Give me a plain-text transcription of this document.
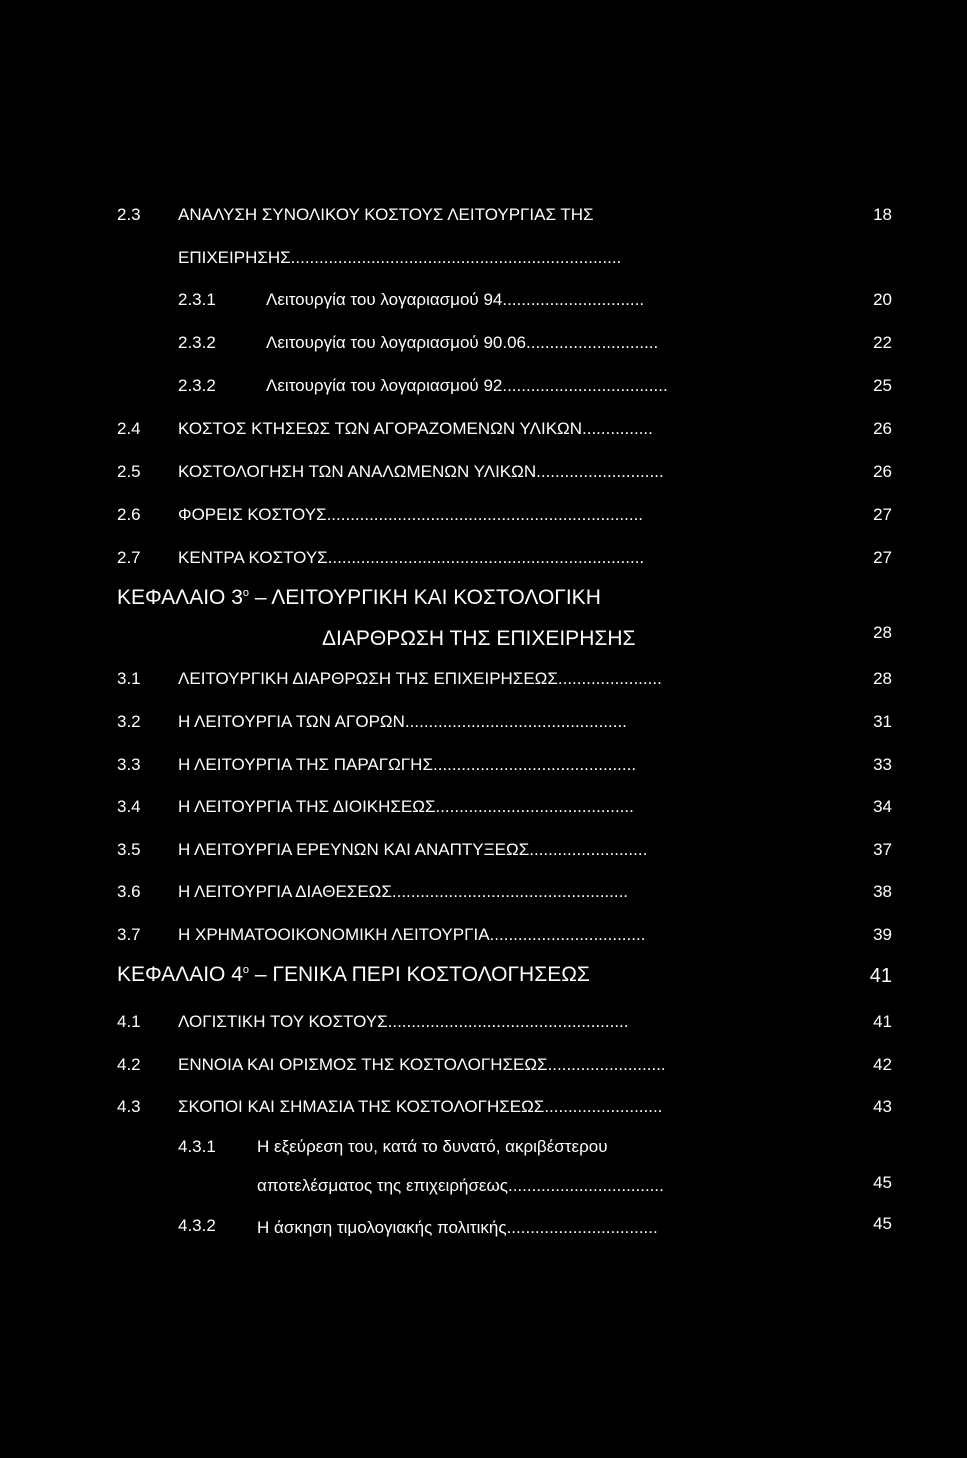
2.3 ΑΝΑΛΥΣΗ ΣΥΝΟΛΙΚΟΥ ΚΟΣΤΟΥΣ ΛΕΙΤΟΥΡΓΙΑΣ ΤΗΣ	18
ΕΠΙΧΕΙΡΗΣΗΣ......................................................................
2.3.1	Λειτουργία του λογαριασμού 94..............................	20
2.3.2	Λειτουργία του λογαριασμού 90.06............................	22
2.3.2	Λειτουργία του λογαριασμού 92...................................	25
2.4 ΚΟΣΤΟΣ ΚΤΗΣΕΩΣ ΤΩΝ ΑΓΟΡΑΖΟΜΕΝΩΝ ΥΛΙΚΩΝ...............	26
2.5 ΚΟΣΤΟΛΟΓΗΣΗ ΤΩΝ ΑΝΑΛΩΜΕΝΩΝ ΥΛΙΚΩΝ...........................	26
2.6 ΦΟΡΕΙΣ ΚΟΣΤΟΥΣ...................................................................	27
2.7 ΚΕΝΤΡΑ ΚΟΣΤΟΥΣ...................................................................	27
ΚΕΦΑΛΑΙΟ $3^o$ – ΛΕΙΤΟΥΡΓΙΚΗ ΚΑΙ ΚΟΣΤΟΛΟΓΙΚΗ
ΔΙΑΡΘΡΩΣΗ ΤΗΣ ΕΠΙΧΕΙΡΗΣΗΣ	28
3.1 ΛΕΙΤΟΥΡΓΙΚΗ ΔΙΑΡΘΡΩΣΗ ΤΗΣ ΕΠΙΧΕΙΡΗΣΕΩΣ......................	28
3.2 Η ΛΕΙΤΟΥΡΓΙΑ ΤΩΝ ΑΓΟΡΩΝ...............................................	31
3.3 Η ΛΕΙΤΟΥΡΓΙΑ ΤΗΣ ΠΑΡΑΓΩΓΗΣ...........................................	33
3.4 Η ΛΕΙΤΟΥΡΓΙΑ ΤΗΣ ΔΙΟΙΚΗΣΕΩΣ..........................................	34
3.5 Η ΛΕΙΤΟΥΡΓΙΑ ΕΡΕΥΝΩΝ ΚΑΙ ΑΝΑΠΤΥΞΕΩΣ.........................	37
3.6 Η ΛΕΙΤΟΥΡΓΙΑ ΔΙΑΘΕΣΕΩΣ..................................................	38
3.7 Η ΧΡΗΜΑΤΟΟΙΚΟΝΟΜΙΚΗ ΛΕΙΤΟΥΡΓΙΑ.................................	39
ΚΕΦΑΛΑΙΟ $4^o$ – ΓΕΝΙΚΑ ΠΕΡΙ ΚΟΣΤΟΛΟΓΗΣΕΩΣ	41
4.1 ΛΟΓΙΣΤΙΚΗ ΤΟΥ ΚΟΣΤΟΥΣ...................................................	41
4.2 ΕΝΝΟΙΑ ΚΑΙ ΟΡΙΣΜΟΣ ΤΗΣ ΚΟΣΤΟΛΟΓΗΣΕΩΣ.........................	42
4.3 ΣΚΟΠΟΙ ΚΑΙ ΣΗΜΑΣΙΑ ΤΗΣ ΚΟΣΤΟΛΟΓΗΣΕΩΣ.........................	43
4.3.1 Η εξεύρεση του, κατά το δυνατό, ακριβέστερου
αποτελέσματος της επιχειρήσεως.................................	45
4.3.2 Η άσκηση τιμολογιακής πολιτικής................................	45
